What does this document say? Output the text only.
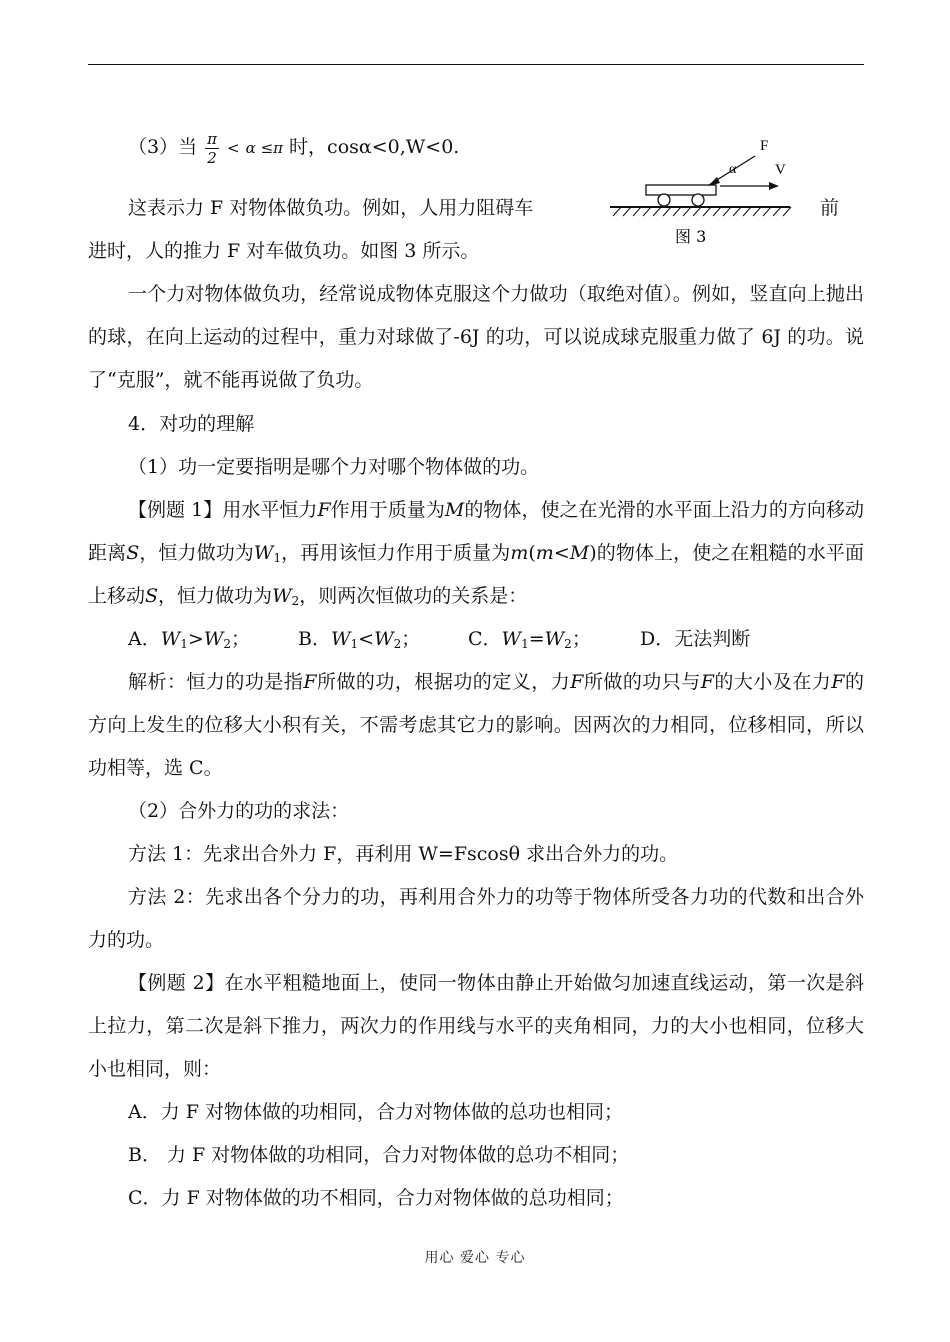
（3）当 $\frac{\pi}{2} < \alpha \le\pi$ 时，cosα<0,W<0.
这表示力 F 对物体做负功。例如，人用力阻碍车	前
进时，人的推力 F 对车做负功。如图 3 所示。
F
α	V
图 3

一个力对物体做负功，经常说成物体克服这个力做功（取绝对值）。例如，竖直向上抛出的球，在向上运动的过程中，重力对球做了-6J 的功，可以说成球克服重力做了 6J 的功。说了“克服”，就不能再说做了负功。

4．对功的理解
（1）功一定要指明是哪个力对哪个物体做的功。

【例题 1】用水平恒力F作用于质量为M的物体，使之在光滑的水平面上沿力的方向移动距离S，恒力做功为$W_1$，再用该恒力作用于质量为m(m<M)的物体上，使之在粗糙的水平面上移动S，恒力做功为$W_2$，则两次恒做功的关系是：

A．$W_1>W_2$；	B．$W_1<W_2$；	C．$W_1=W_2$；	D．无法判断

解析：恒力的功是指F所做的功，根据功的定义，力F所做的功只与F的大小及在力F的方向上发生的位移大小积有关，不需考虑其它力的影响。因两次的力相同，位移相同，所以功相等，选 C。

（2）合外力的功的求法：

方法 1：先求出合外力 F，再利用 W=Fscosθ 求出合外力的功。

方法 2：先求出各个分力的功，再利用合外力的功等于物体所受各力功的代数和出合外力的功。

【例题 2】在水平粗糙地面上，使同一物体由静止开始做匀加速直线运动，第一次是斜上拉力，第二次是斜下推力，两次力的作用线与水平的夹角相同，力的大小也相同，位移大小也相同，则：

A．力 F 对物体做的功相同，合力对物体做的总功也相同；
B． 力 F 对物体做的功相同，合力对物体做的总功不相同；
C．力 F 对物体做的功不相同，合力对物体做的总功相同；
用心 爱心 专心
